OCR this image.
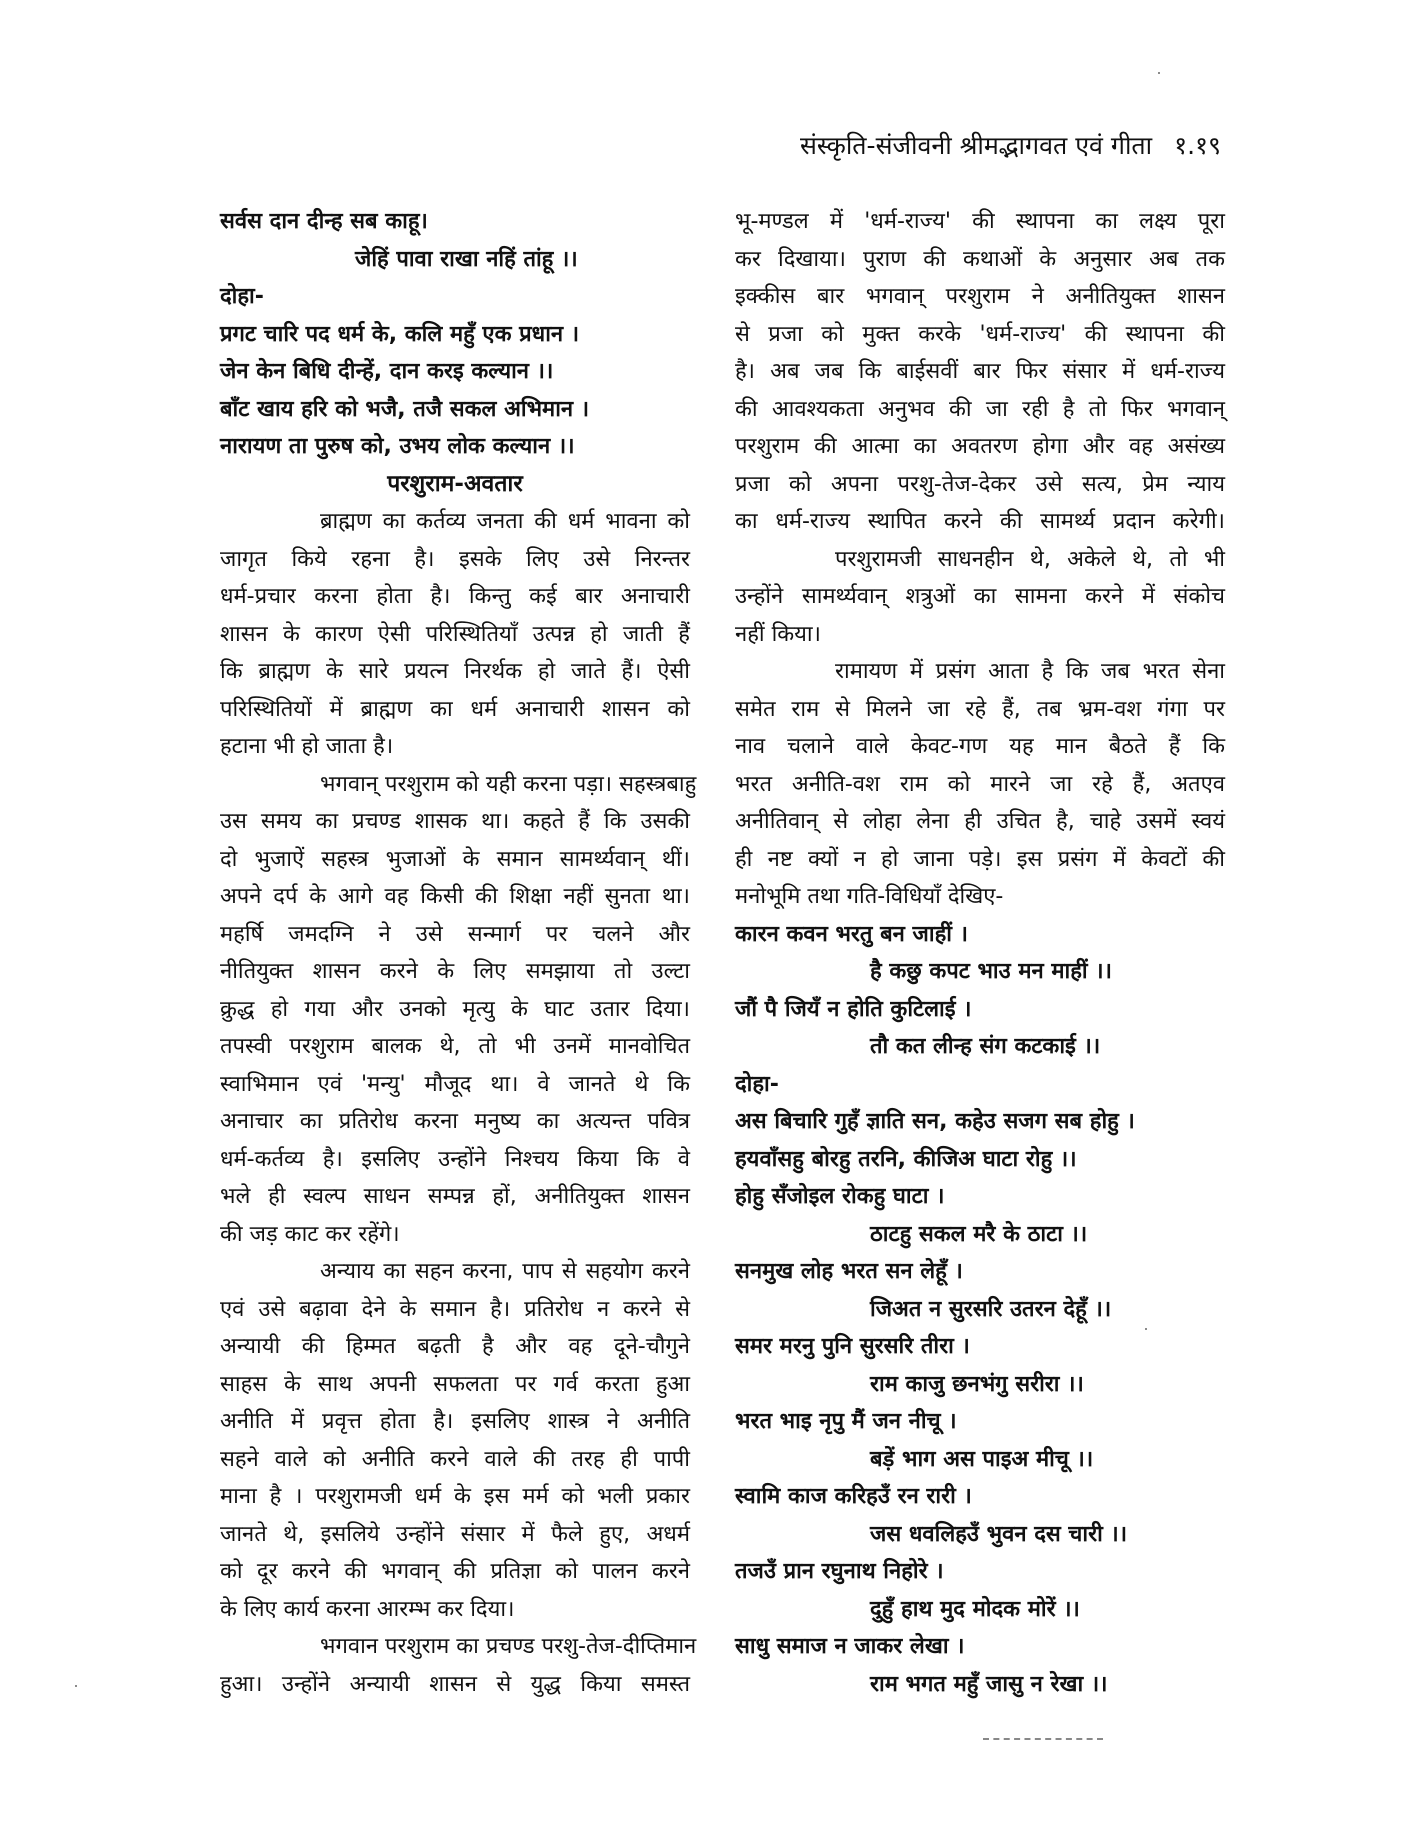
संस्कृति-संजीवनी श्रीमद्भागवत एवं गीता १.१९
सर्वस दान दीन्ह सब काहू।
जेहिं पावा राखा नहिं तांहू ।।
दोहा-
प्रगट चारि पद धर्म के, कलि महुँ एक प्रधान ।
जेन केन बिधि दीन्हें, दान करइ कल्यान ।।
बाँट खाय हरि को भजै, तजै सकल अभिमान ।
नारायण ता पुरुष को, उभय लोक कल्यान ।।
परशुराम-अवतार
ब्राह्मण का कर्तव्य जनता की धर्म भावना को
जागृत किये रहना है। इसके लिए उसे निरन्तर
धर्म-प्रचार करना होता है। किन्तु कई बार अनाचारी
शासन के कारण ऐसी परिस्थितियाँ उत्पन्न हो जाती हैं
कि ब्राह्मण के सारे प्रयत्न निरर्थक हो जाते हैं। ऐसी
परिस्थितियों में ब्राह्मण का धर्म अनाचारी शासन को
हटाना भी हो जाता है।
भगवान् परशुराम को यही करना पड़ा। सहस्त्रबाहु
उस समय का प्रचण्ड शासक था। कहते हैं कि उसकी
दो भुजाऐं सहस्त्र भुजाओं के समान सामर्थ्यवान् थीं।
अपने दर्प के आगे वह किसी की शिक्षा नहीं सुनता था।
महर्षि जमदग्नि ने उसे सन्मार्ग पर चलने और
नीतियुक्त शासन करने के लिए समझाया तो उल्टा
क्रुद्ध हो गया और उनको मृत्यु के घाट उतार दिया।
तपस्वी परशुराम बालक थे, तो भी उनमें मानवोचित
स्वाभिमान एवं 'मन्यु' मौजूद था। वे जानते थे कि
अनाचार का प्रतिरोध करना मनुष्य का अत्यन्त पवित्र
धर्म-कर्तव्य है। इसलिए उन्होंने निश्चय किया कि वे
भले ही स्वल्प साधन सम्पन्न हों, अनीतियुक्त शासन
की जड़ काट कर रहेंगे।
अन्याय का सहन करना, पाप से सहयोग करने
एवं उसे बढ़ावा देने के समान है। प्रतिरोध न करने से
अन्यायी की हिम्मत बढ़ती है और वह दूने-चौगुने
साहस के साथ अपनी सफलता पर गर्व करता हुआ
अनीति में प्रवृत्त होता है। इसलिए शास्त्र ने अनीति
सहने वाले को अनीति करने वाले की तरह ही पापी
माना है । परशुरामजी धर्म के इस मर्म को भली प्रकार
जानते थे, इसलिये उन्होंने संसार में फैले हुए, अधर्म
को दूर करने की भगवान् की प्रतिज्ञा को पालन करने
के लिए कार्य करना आरम्भ कर दिया।
भगवान परशुराम का प्रचण्ड परशु-तेज-दीप्तिमान
हुआ। उन्होंने अन्यायी शासन से युद्ध किया समस्त
भू-मण्डल में 'धर्म-राज्य' की स्थापना का लक्ष्य पूरा
कर दिखाया। पुराण की कथाओं के अनुसार अब तक
इक्कीस बार भगवान् परशुराम ने अनीतियुक्त शासन
से प्रजा को मुक्त करके 'धर्म-राज्य' की स्थापना की
है। अब जब कि बाईसवीं बार फिर संसार में धर्म-राज्य
की आवश्यकता अनुभव की जा रही है तो फिर भगवान्
परशुराम की आत्मा का अवतरण होगा और वह असंख्य
प्रजा को अपना परशु-तेज-देकर उसे सत्य, प्रेम न्याय
का धर्म-राज्य स्थापित करने की सामर्थ्य प्रदान करेगी।
परशुरामजी साधनहीन थे, अकेले थे, तो भी
उन्होंने सामर्थ्यवान् शत्रुओं का सामना करने में संकोच
नहीं किया।
रामायण में प्रसंग आता है कि जब भरत सेना
समेत राम से मिलने जा रहे हैं, तब भ्रम-वश गंगा पर
नाव चलाने वाले केवट-गण यह मान बैठते हैं कि
भरत अनीति-वश राम को मारने जा रहे हैं, अतएव
अनीतिवान् से लोहा लेना ही उचित है, चाहे उसमें स्वयं
ही नष्ट क्यों न हो जाना पड़े। इस प्रसंग में केवटों की
मनोभूमि तथा गति-विधियाँ देखिए-
कारन कवन भरतु बन जाहीं ।
है कछु कपट भाउ मन माहीं ।।
जौं पै जियँ न होति कुटिलाई ।
तौ कत लीन्ह संग कटकाई ।।
दोहा-
अस बिचारि गुहँ ज्ञाति सन, कहेउ सजग सब होहु ।
हयवाँसहु बोरहु तरनि, कीजिअ घाटा रोहु ।।
होहु सँजोइल रोकहु घाटा ।
ठाटहु सकल मरै के ठाटा ।।
सनमुख लोह भरत सन लेहूँ ।
जिअत न सुरसरि उतरन देहूँ ।।
समर मरनु पुनि सुरसरि तीरा ।
राम काजु छनभंगु सरीरा ।।
भरत भाइ नृपु मैं जन नीचू ।
बड़ें भाग अस पाइअ मीचू ।।
स्वामि काज करिहउँ रन रारी ।
जस धवलिहउँ भुवन दस चारी ।।
तजउँ प्रान रघुनाथ निहोरे ।
दुहुँ हाथ मुद मोदक मोरें ।।
साधु समाज न जाकर लेखा ।
राम भगत महुँ जासु न रेखा ।।
